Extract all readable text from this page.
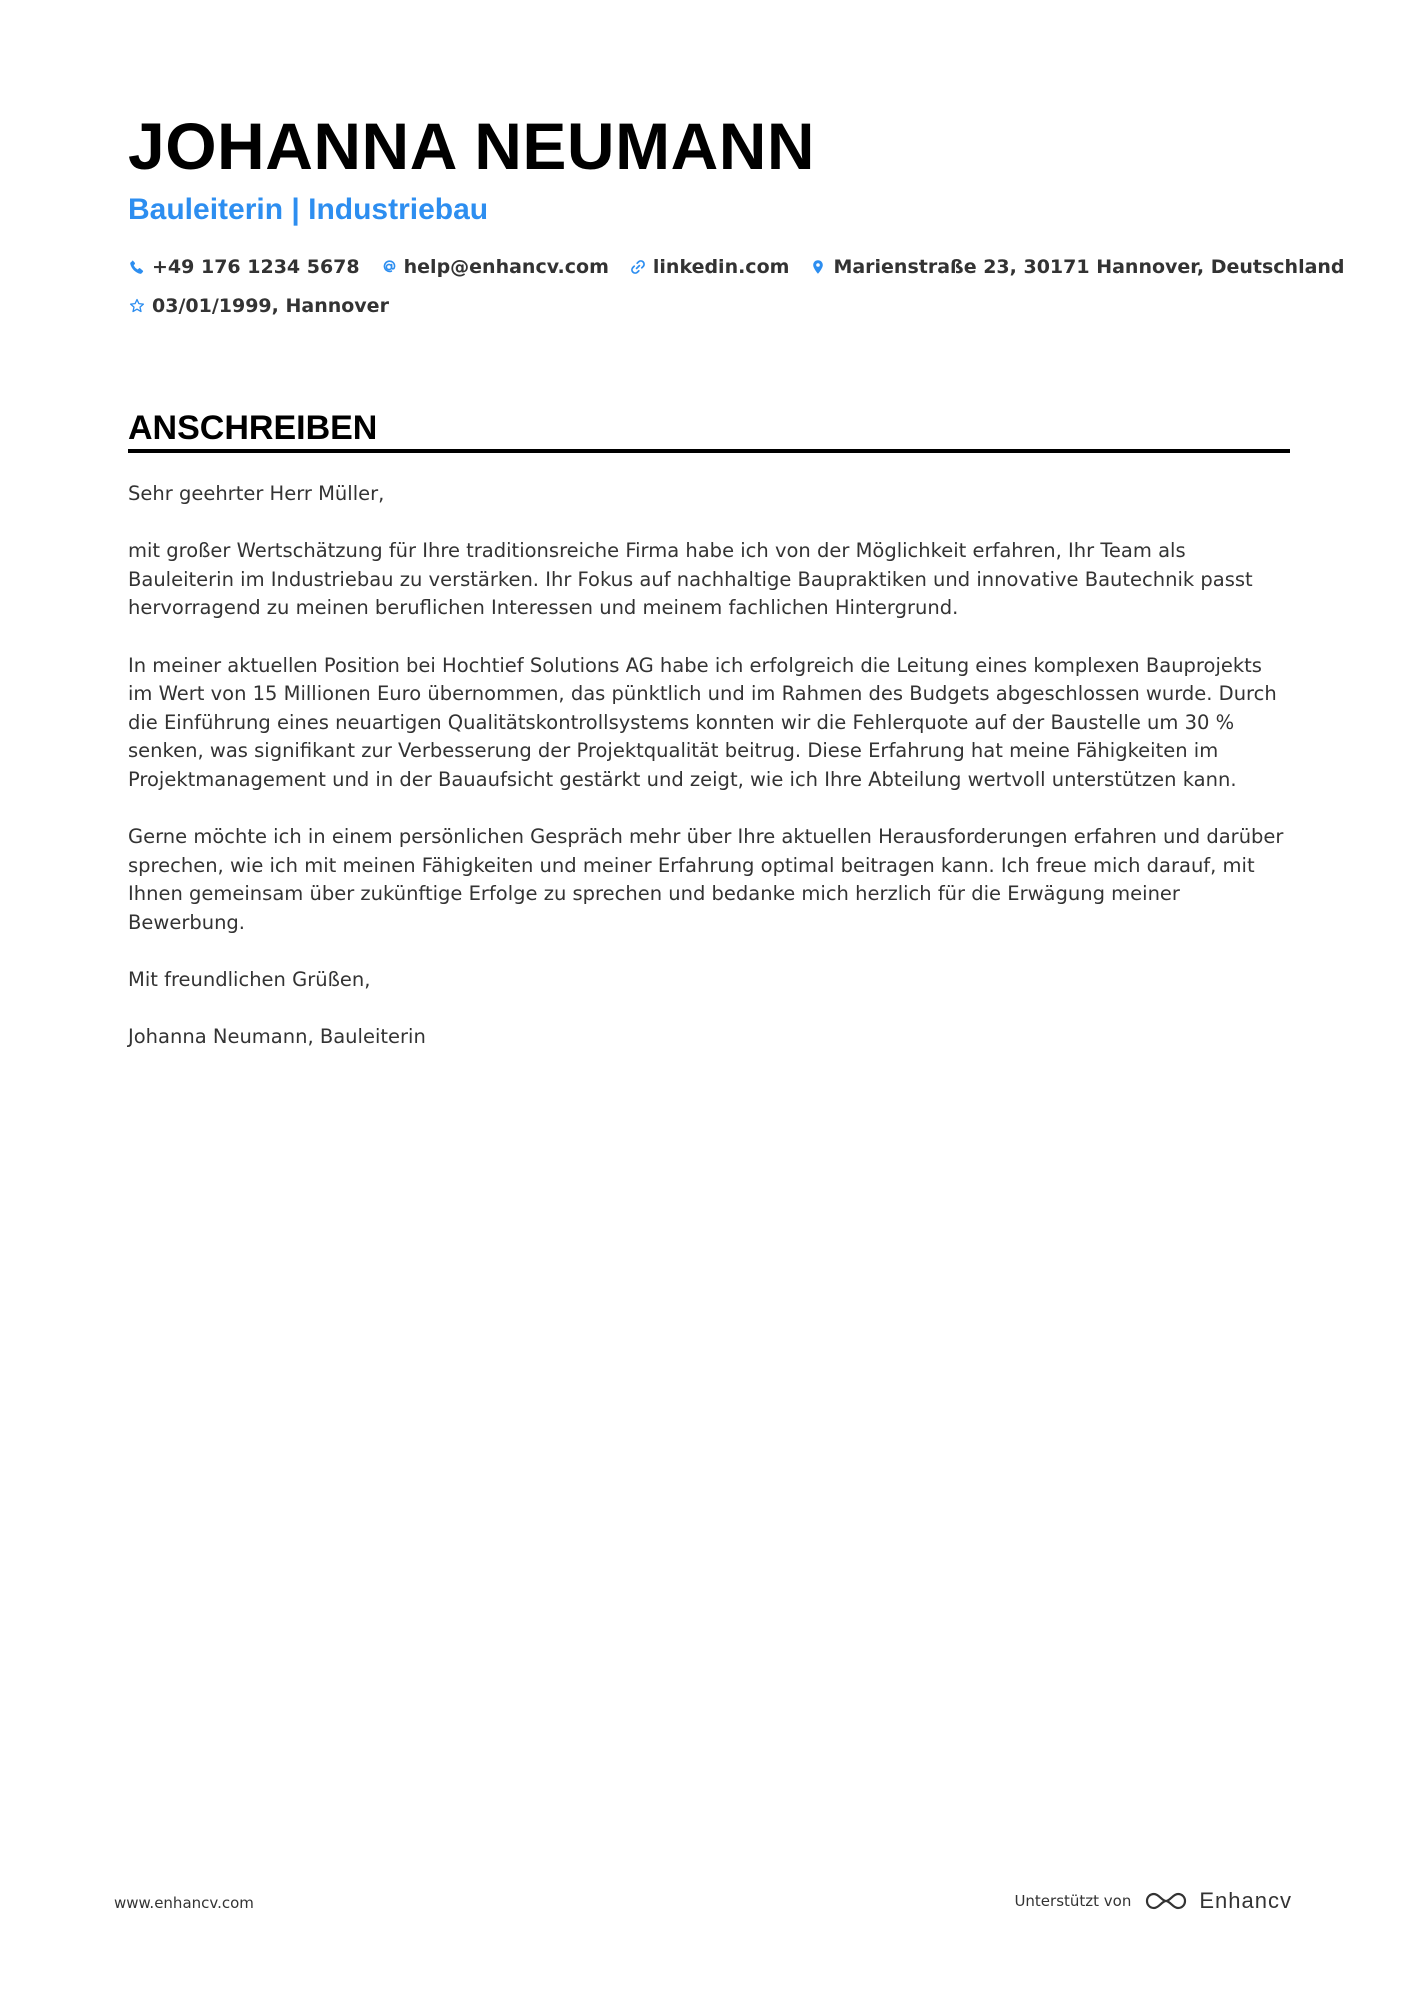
JOHANNA NEUMANN
Bauleiterin | Industriebau
+49 176 1234 5678 help@enhancv.com linkedin.com Marienstraße 23, 30171 Hannover, Deutschland
03/01/1999, Hannover
ANSCHREIBEN

Sehr geehrter Herr Müller,

mit großer Wertschätzung für Ihre traditionsreiche Firma habe ich von der Möglichkeit erfahren, Ihr Team als Bauleiterin im Industriebau zu verstärken. Ihr Fokus auf nachhaltige Baupraktiken und innovative Bautechnik passt hervorragend zu meinen beruflichen Interessen und meinem fachlichen Hintergrund.

In meiner aktuellen Position bei Hochtief Solutions AG habe ich erfolgreich die Leitung eines komplexen Bauprojekts im Wert von 15 Millionen Euro übernommen, das pünktlich und im Rahmen des Budgets abgeschlossen wurde. Durch die Einführung eines neuartigen Qualitätskontrollsystems konnten wir die Fehlerquote auf der Baustelle um 30 % senken, was signifikant zur Verbesserung der Projektqualität beitrug. Diese Erfahrung hat meine Fähigkeiten im Projektmanagement und in der Bauaufsicht gestärkt und zeigt, wie ich Ihre Abteilung wertvoll unterstützen kann.

Gerne möchte ich in einem persönlichen Gespräch mehr über Ihre aktuellen Herausforderungen erfahren und darüber sprechen, wie ich mit meinen Fähigkeiten und meiner Erfahrung optimal beitragen kann. Ich freue mich darauf, mit Ihnen gemeinsam über zukünftige Erfolge zu sprechen und bedanke mich herzlich für die Erwägung meiner Bewerbung.

Mit freundlichen Grüßen,

Johanna Neumann, Bauleiterin

www.enhancv.com	Unterstützt von	Enhancv
